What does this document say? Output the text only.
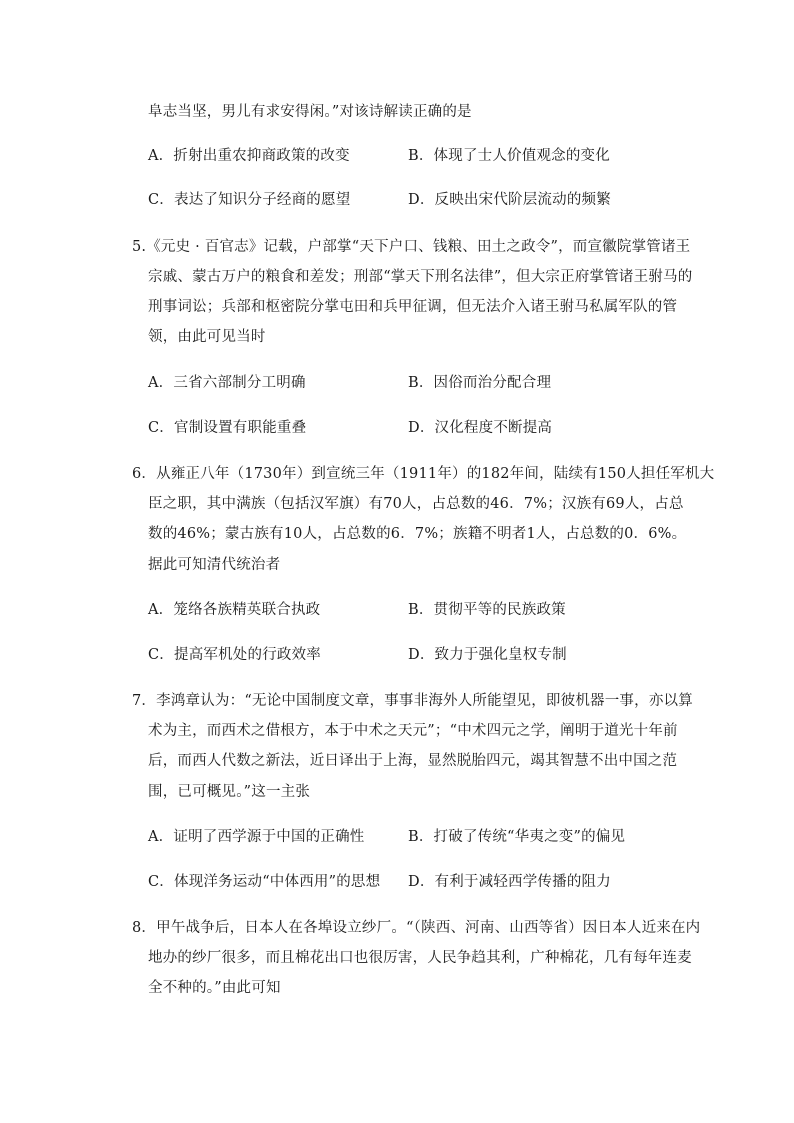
阜志当坚，男儿有求安得闲。”对该诗解读正确的是
A．折射出重农抑商政策的改变	B．体现了士人价值观念的变化
C．表达了知识分子经商的愿望	D．反映出宋代阶层流动的频繁
5.《元史 · 百官志》记载，户部掌“天下户口、钱粮、田土之政令”，而宣徽院掌管诸王
宗戚、蒙古万户的粮食和差发；刑部“掌天下刑名法律”，但大宗正府掌管诸王驸马的
刑事词讼；兵部和枢密院分掌屯田和兵甲征调，但无法介入诸王驸马私属军队的管
领，由此可见当时
A．三省六部制分工明确	B．因俗而治分配合理
C．官制设置有职能重叠	D．汉化程度不断提高
6．从雍正八年（1730年）到宣统三年（1911年）的182年间，陆续有150人担任军机大
臣之职，其中满族（包括汉军旗）有70人，占总数的46．7%；汉族有69人，占总
数的46%；蒙古族有10人，占总数的6．7%；族籍不明者1人，占总数的0．6%。
据此可知清代统治者
A．笼络各族精英联合执政	B．贯彻平等的民族政策
C．提高军机处的行政效率	D．致力于强化皇权专制
7．李鸿章认为：“无论中国制度文章，事事非海外人所能望见，即彼机器一事，亦以算
术为主，而西术之借根方，本于中术之天元”；“中术四元之学，阐明于道光十年前
后，而西人代数之新法，近日译出于上海，显然脱胎四元，竭其智慧不出中国之范
围，已可概见。”这一主张
A．证明了西学源于中国的正确性	B．打破了传统“华夷之变”的偏见
C．体现洋务运动“中体西用”的思想 D．有利于减轻西学传播的阻力
8．甲午战争后，日本人在各埠设立纱厂。“（陕西、河南、山西等省）因日本人近来在内
地办的纱厂很多，而且棉花出口也很厉害，人民争趋其利，广种棉花，几有每年连麦
全不种的。”由此可知
